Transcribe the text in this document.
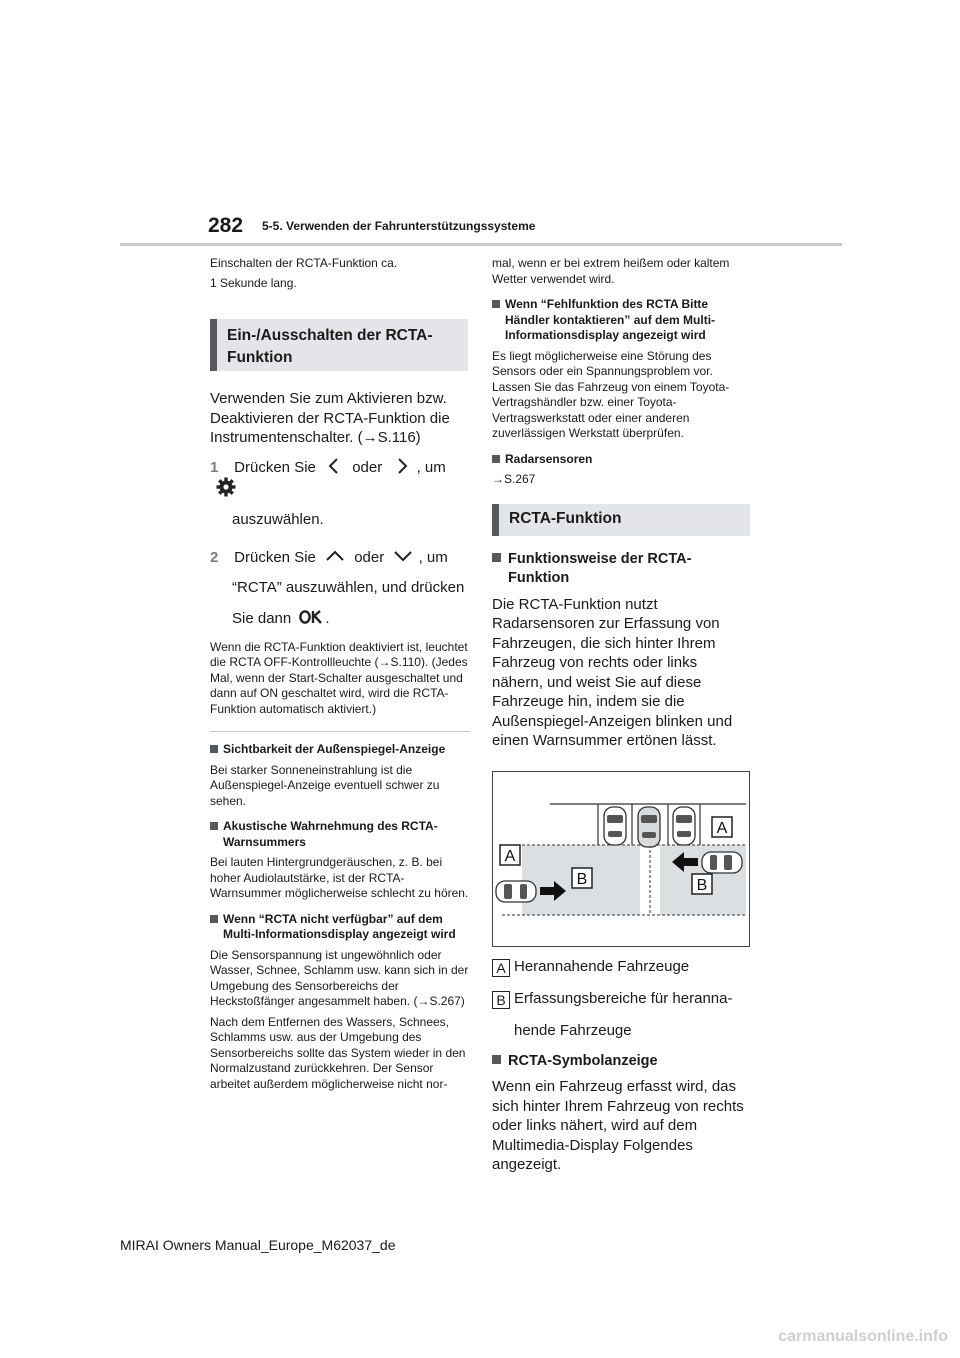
282 5-5. Verwenden der Fahrunterstützungssysteme

Einschalten der RCTA-Funktion ca.

1 Sekunde lang.

Ein-/Ausschalten der RCTA-Funktion

Verwenden Sie zum Aktivieren bzw. Deaktivieren der RCTA-Funktion die Instrumentenschalter. (→S.116)

1 Drücken Sie oder , um
auszuwählen.
2 Drücken Sie	oder , um
“RCTA” auszuwählen, und drücken
Sie dann .

Wenn die RCTA-Funktion deaktiviert ist, leuchtet die RCTA OFF-Kontrollleuchte (→S.110). (Jedes Mal, wenn der Start-Schalter ausgeschaltet und dann auf ON geschaltet wird, wird die RCTA-Funktion automatisch aktiviert.)

Sichtbarkeit der Außenspiegel-Anzeige

Bei starker Sonneneinstrahlung ist die Außenspiegel-Anzeige eventuell schwer zu sehen.

Akustische Wahrnehmung des RCTA-Warnsummers

Bei lauten Hintergrundgeräuschen, z. B. bei hoher Audiolautstärke, ist der RCTA-Warnsummer möglicherweise schlecht zu hören.

Wenn “RCTA nicht verfügbar” auf dem Multi-Informationsdisplay angezeigt wird

Die Sensorspannung ist ungewöhnlich oder Wasser, Schnee, Schlamm usw. kann sich in der Umgebung des Sensorbereichs der Heckstoßfänger angesammelt haben. (→S.267)

Nach dem Entfernen des Wassers, Schnees, Schlamms usw. aus der Umgebung des Sensorbereichs sollte das System wieder in den Normalzustand zurückkehren. Der Sensor arbeitet außerdem möglicherweise nicht nor-

mal, wenn er bei extrem heißem oder kaltem Wetter verwendet wird.

Wenn “Fehlfunktion des RCTA Bitte Händler kontaktieren” auf dem Multi-Informationsdisplay angezeigt wird

Es liegt möglicherweise eine Störung des Sensors oder ein Spannungsproblem vor. Lassen Sie das Fahrzeug von einem Toyota-Vertragshändler bzw. einer Toyota-Vertragswerkstatt oder einer anderen zuverlässigen Werkstatt überprüfen.

Radarsensoren

→S.267

RCTA-Funktion

Funktionsweise der RCTA-Funktion

Die RCTA-Funktion nutzt Radarsensoren zur Erfassung von Fahrzeugen, die sich hinter Ihrem Fahrzeug von rechts oder links nähern, und weist Sie auf diese Fahrzeuge hin, indem sie die Außenspiegel-Anzeigen blinken und einen Warnsummer ertönen lässt.

A
A
B	B
A Herannahende Fahrzeuge
B Erfassungsbereiche für heranna-
hende Fahrzeuge

RCTA-Symbolanzeige

Wenn ein Fahrzeug erfasst wird, das sich hinter Ihrem Fahrzeug von rechts oder links nähert, wird auf dem Multimedia-Display Folgendes angezeigt.

MIRAI Owners Manual_Europe_M62037_de
carmanualsonline.info
